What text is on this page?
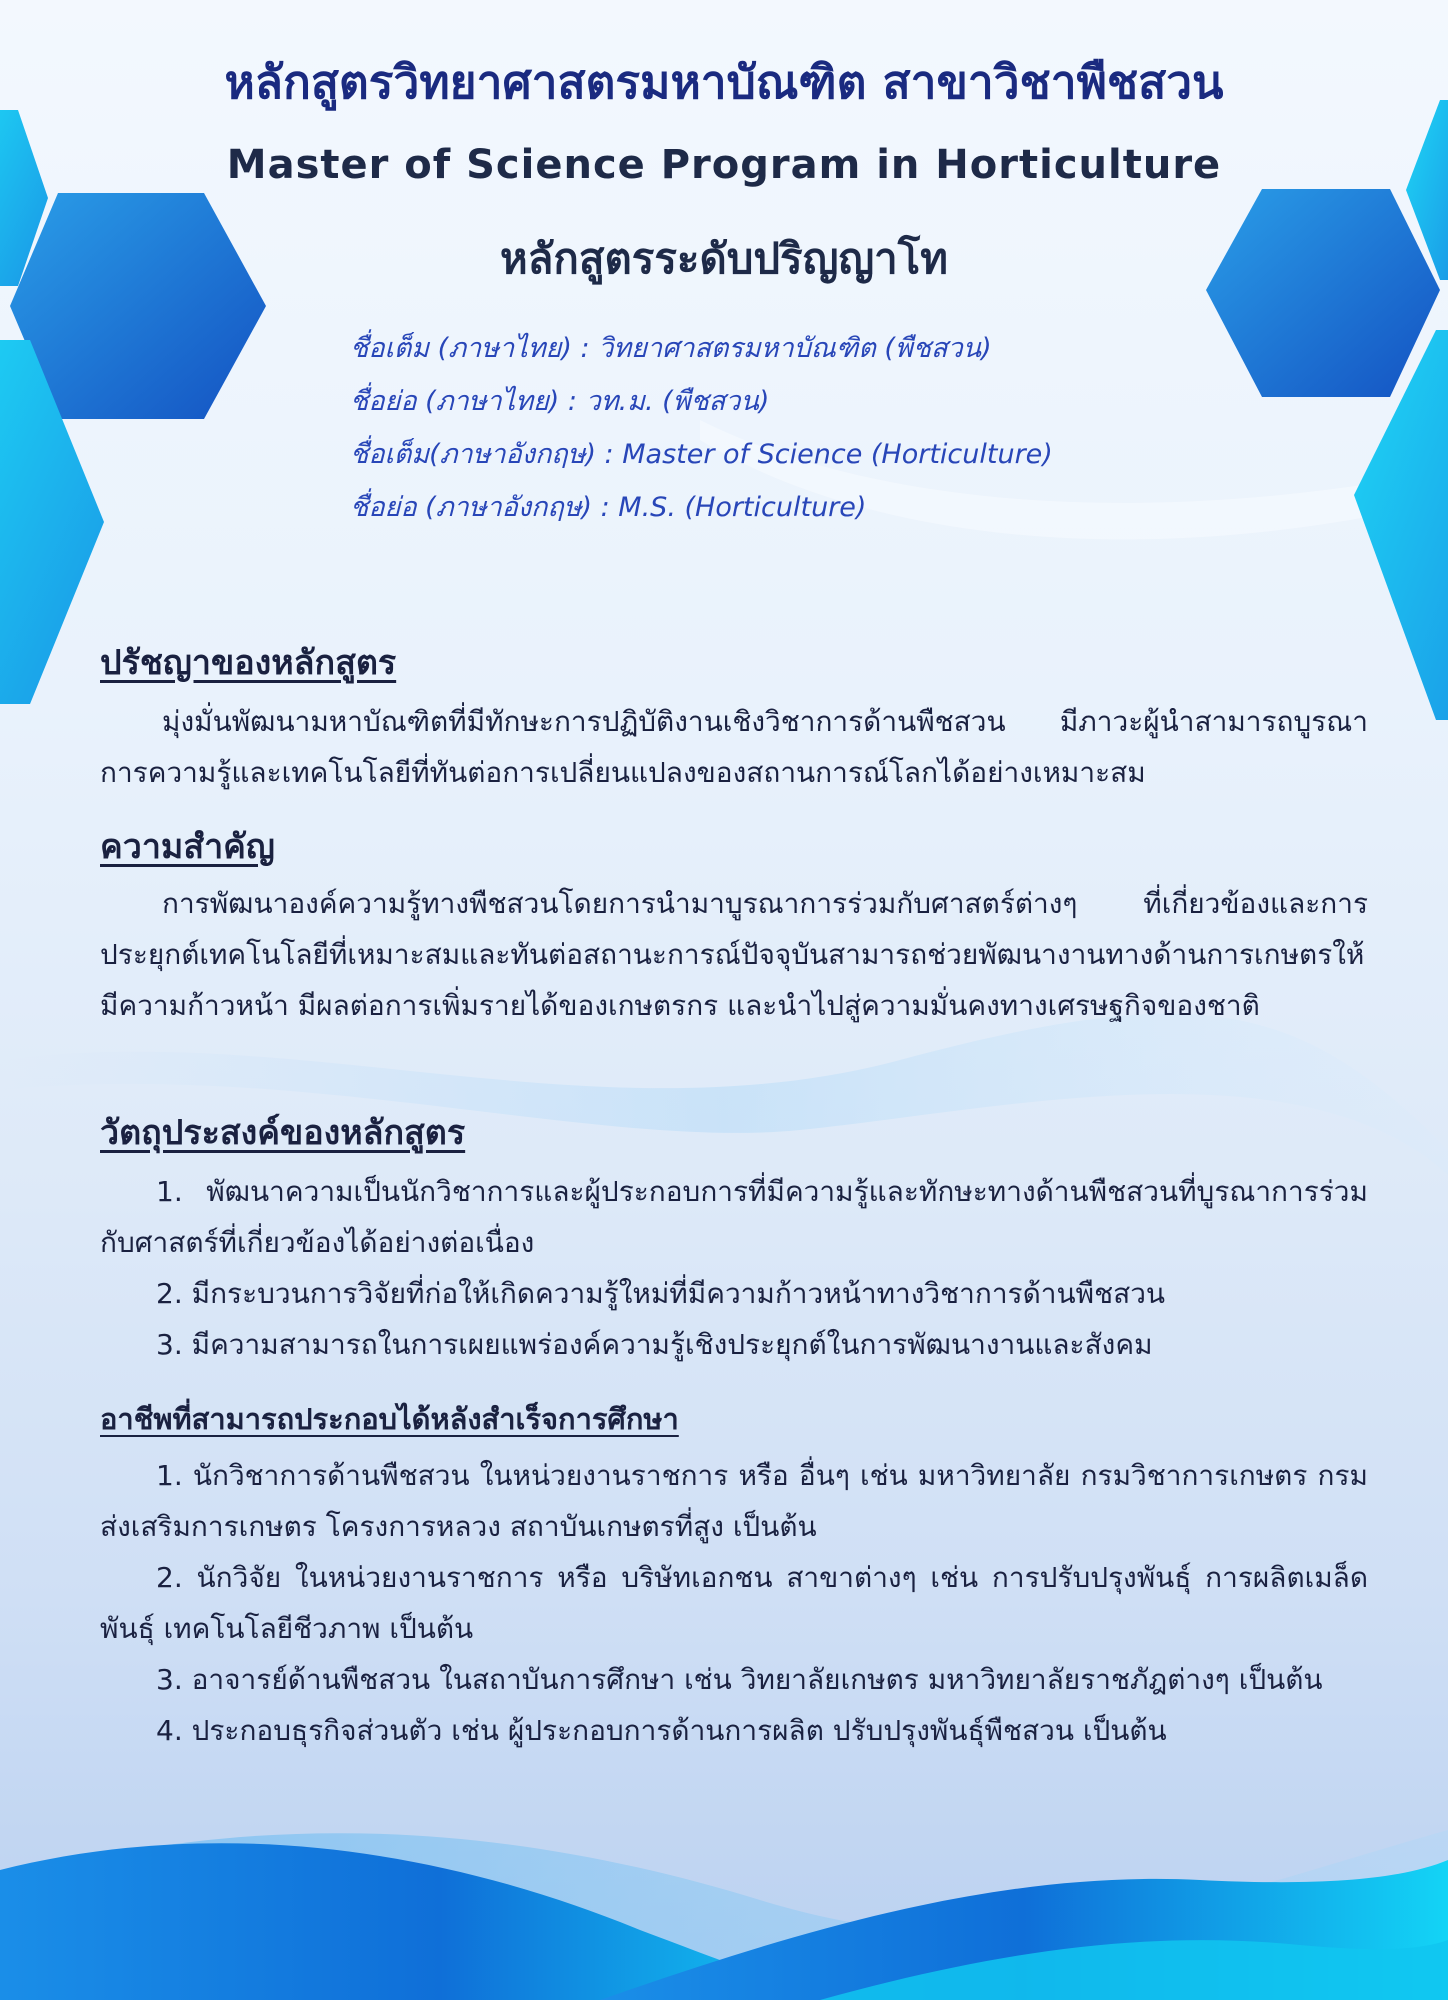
หลักสูตรวิทยาศาสตรมหาบัณฑิต สาขาวิชาพืชสวน
Master of Science Program in Horticulture
หลักสูตรระดับปริญญาโท
ชื่อเต็ม (ภาษาไทย) : วิทยาศาสตรมหาบัณฑิต (พืชสวน)
ชื่อย่อ (ภาษาไทย) : วท.ม. (พืชสวน)
ชื่อเต็ม(ภาษาอังกฤษ) : Master of Science (Horticulture)
ชื่อย่อ (ภาษาอังกฤษ) : M.S. (Horticulture)
ปรัชญาของหลักสูตร

มุ่งมั่นพัฒนามหาบัณฑิตที่มีทักษะการปฏิบัติงานเชิงวิชาการด้านพืชสวน มีภาวะผู้นำสามารถบูรณาการความรู้และเทคโนโลยีที่ทันต่อการเปลี่ยนแปลงของสถานการณ์โลกได้อย่างเหมาะสม

ความสำคัญ

การพัฒนาองค์ความรู้ทางพืชสวนโดยการนำมาบูรณาการร่วมกับศาสตร์ต่างๆ ที่เกี่ยวข้องและการประยุกต์เทคโนโลยีที่เหมาะสมและทันต่อสถานะการณ์ปัจจุบันสามารถช่วยพัฒนางานทางด้านการเกษตรให้มีความก้าวหน้า มีผลต่อการเพิ่มรายได้ของเกษตรกร และนำไปสู่ความมั่นคงทางเศรษฐกิจของชาติ

วัตถุประสงค์ของหลักสูตร

1. พัฒนาความเป็นนักวิชาการและผู้ประกอบการที่มีความรู้และทักษะทางด้านพืชสวนที่บูรณาการร่วมกับศาสตร์ที่เกี่ยวข้องได้อย่างต่อเนื่อง

2. มีกระบวนการวิจัยที่ก่อให้เกิดความรู้ใหม่ที่มีความก้าวหน้าทางวิชาการด้านพืชสวน

3. มีความสามารถในการเผยแพร่องค์ความรู้เชิงประยุกต์ในการพัฒนางานและสังคม

อาชีพที่สามารถประกอบได้หลังสำเร็จการศึกษา

1. นักวิชาการด้านพืชสวน ในหน่วยงานราชการ หรือ อื่นๆ เช่น มหาวิทยาลัย กรมวิชาการเกษตร กรมส่งเสริมการเกษตร โครงการหลวง สถาบันเกษตรที่สูง เป็นต้น

2. นักวิจัย ในหน่วยงานราชการ หรือ บริษัทเอกชน สาขาต่างๆ เช่น การปรับปรุงพันธุ์ การผลิตเมล็ดพันธุ์ เทคโนโลยีชีวภาพ เป็นต้น

3. อาจารย์ด้านพืชสวน ในสถาบันการศึกษา เช่น วิทยาลัยเกษตร มหาวิทยาลัยราชภัฎต่างๆ เป็นต้น

4. ประกอบธุรกิจส่วนตัว เช่น ผู้ประกอบการด้านการผลิต ปรับปรุงพันธุ์พืชสวน เป็นต้น
